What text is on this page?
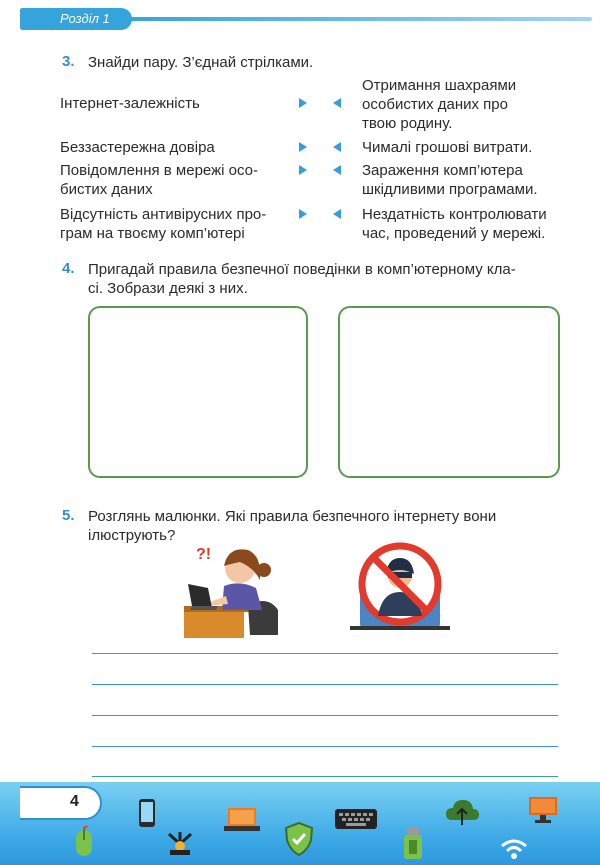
Розділ 1
3. Знайди пару. З’єднай стрілками.
Інтернет-залежність
Беззастережна довіра
Повідомлення в мережі осо-
бистих даних
Відсутність антивірусних про-
грам на твоєму комп’ютері
Отримання шахраями
особистих даних про
твою родину.
Чималі грошові витрати.
Зараження комп’ютера
шкідливими програмами.
Нездатність контролювати
час, проведений у мережі.
4. Пригадай правила безпечної поведінки в комп’ютерному кла-
сі. Зобрази деякі з них.
5. Розглянь малюнки. Які правила безпечного інтернету вони
ілюструють?
?!
4
